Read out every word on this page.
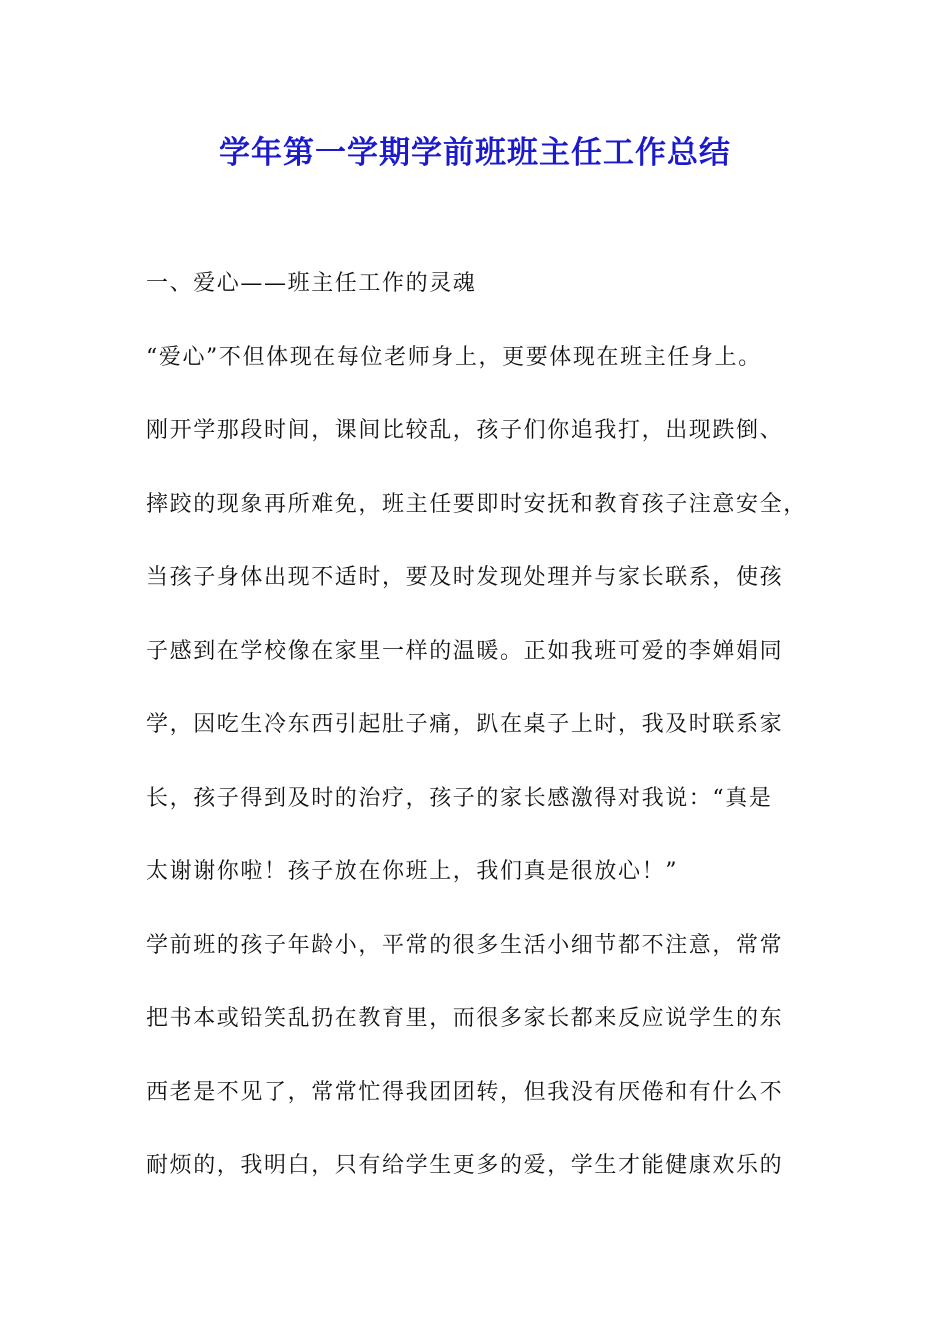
学年第一学期学前班班主任工作总结
一、爱心——班主任工作的灵魂
“爱心”不但体现在每位老师身上，更要体现在班主任身上。
刚开学那段时间，课间比较乱，孩子们你追我打，出现跌倒、
摔跤的现象再所难免，班主任要即时安抚和教育孩子注意安全，
当孩子身体出现不适时，要及时发现处理并与家长联系，使孩
子感到在学校像在家里一样的温暖。正如我班可爱的李婵娟同
学，因吃生冷东西引起肚子痛，趴在桌子上时，我及时联系家
长，孩子得到及时的治疗，孩子的家长感激得对我说：“真是
太谢谢你啦！孩子放在你班上，我们真是很放心！”
学前班的孩子年龄小，平常的很多生活小细节都不注意，常常
把书本或铅笑乱扔在教育里，而很多家长都来反应说学生的东
西老是不见了，常常忙得我团团转，但我没有厌倦和有什么不
耐烦的，我明白，只有给学生更多的爱，学生才能健康欢乐的
